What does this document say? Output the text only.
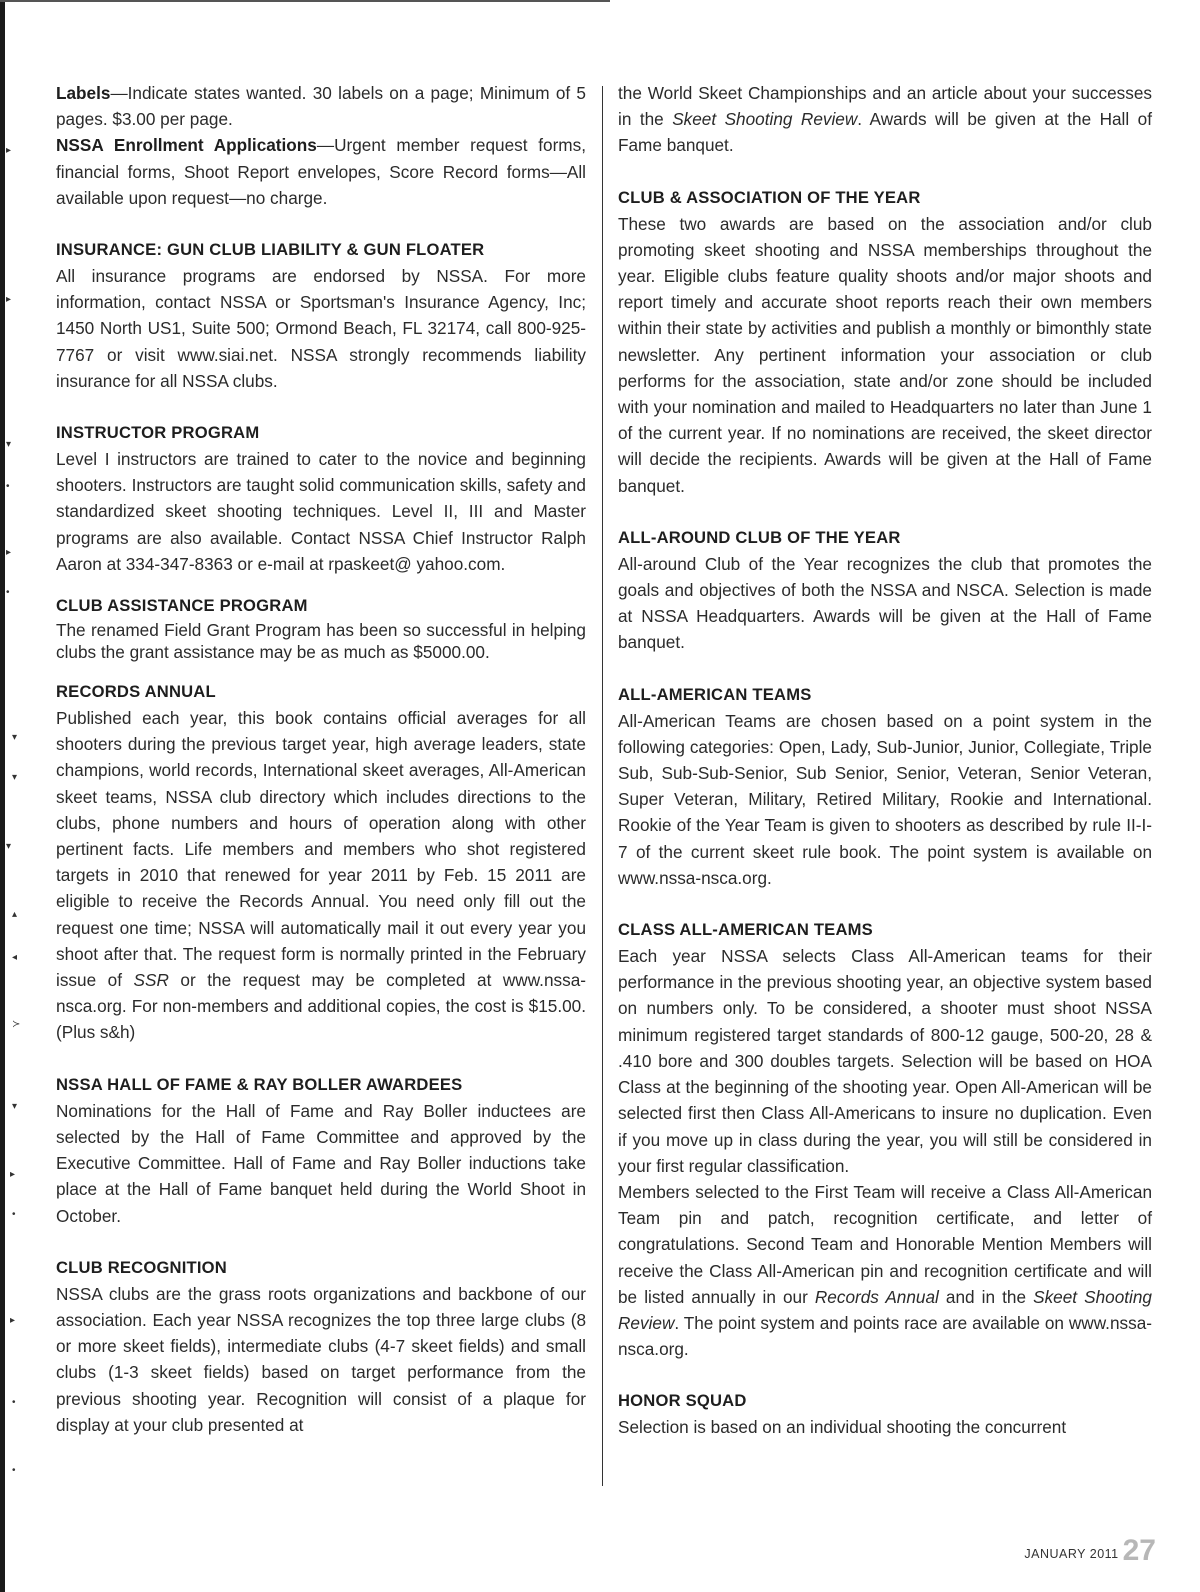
▸
▸
▾
•
▸
•
▾
▾
▾
▴
◂
≻
▾
▸
•
▸
•
•

Labels—Indicate states wanted. 30 labels on a page; Minimum of 5 pages. $3.00 per page.

NSSA Enrollment Applications—Urgent member request forms, financial forms, Shoot Report envelopes, Score Record forms—All available upon request—no charge.

INSURANCE: GUN CLUB LIABILITY & GUN FLOATER

All insurance programs are endorsed by NSSA. For more information, contact NSSA or Sportsman's Insurance Agency, Inc; 1450 North US1, Suite 500; Ormond Beach, FL 32174, call 800-925-7767 or visit www.siai.net. NSSA strongly recommends liability insurance for all NSSA clubs.

INSTRUCTOR PROGRAM

Level I instructors are trained to cater to the novice and beginning shooters. Instructors are taught solid communication skills, safety and standardized skeet shooting techniques. Level II, III and Master programs are also available. Contact NSSA Chief Instructor Ralph Aaron at 334-347-8363 or e-mail at rpaskeet@ yahoo.com.

CLUB ASSISTANCE PROGRAM

The renamed Field Grant Program has been so successful in helping clubs the grant assistance may be as much as $5000.00.

RECORDS ANNUAL

Published each year, this book contains official averages for all shooters during the previous target year, high average leaders, state champions, world records, International skeet averages, All-American skeet teams, NSSA club directory which includes directions to the clubs, phone numbers and hours of operation along with other pertinent facts. Life members and members who shot registered targets in 2010 that renewed for year 2011 by Feb. 15 2011 are eligible to receive the Records Annual. You need only fill out the request one time; NSSA will automatically mail it out every year you shoot after that. The request form is normally printed in the February issue of SSR or the request may be completed at www.nssa-nsca.org. For non-members and additional copies, the cost is $15.00. (Plus s&h)

NSSA HALL OF FAME & RAY BOLLER AWARDEES

Nominations for the Hall of Fame and Ray Boller inductees are selected by the Hall of Fame Committee and approved by the Executive Committee. Hall of Fame and Ray Boller inductions take place at the Hall of Fame banquet held during the World Shoot in October.

CLUB RECOGNITION

NSSA clubs are the grass roots organizations and backbone of our association. Each year NSSA recognizes the top three large clubs (8 or more skeet fields), intermediate clubs (4-7 skeet fields) and small clubs (1-3 skeet fields) based on target performance from the previous shooting year. Recognition will consist of a plaque for display at your club presented at

the World Skeet Championships and an article about your successes in the Skeet Shooting Review. Awards will be given at the Hall of Fame banquet.

CLUB & ASSOCIATION OF THE YEAR

These two awards are based on the association and/or club promoting skeet shooting and NSSA memberships throughout the year. Eligible clubs feature quality shoots and/or major shoots and report timely and accurate shoot reports reach their own members within their state by activities and publish a monthly or bimonthly state newsletter. Any pertinent information your association or club performs for the association, state and/or zone should be included with your nomination and mailed to Headquarters no later than June 1 of the current year. If no nominations are received, the skeet director will decide the recipients. Awards will be given at the Hall of Fame banquet.

ALL-AROUND CLUB OF THE YEAR

All-around Club of the Year recognizes the club that promotes the goals and objectives of both the NSSA and NSCA. Selection is made at NSSA Headquarters. Awards will be given at the Hall of Fame banquet.

ALL-AMERICAN TEAMS

All-American Teams are chosen based on a point system in the following categories: Open, Lady, Sub-Junior, Junior, Collegiate, Triple Sub, Sub-Sub-Senior, Sub Senior, Senior, Veteran, Senior Veteran, Super Veteran, Military, Retired Military, Rookie and International. Rookie of the Year Team is given to shooters as described by rule II-I-7 of the current skeet rule book. The point system is available on www.nssa-nsca.org.

CLASS ALL-AMERICAN TEAMS

Each year NSSA selects Class All-American teams for their performance in the previous shooting year, an objective system based on numbers only. To be considered, a shooter must shoot NSSA minimum registered target standards of 800-12 gauge, 500-20, 28 & .410 bore and 300 doubles targets. Selection will be based on HOA Class at the beginning of the shooting year. Open All-American will be selected first then Class All-Americans to insure no duplication. Even if you move up in class during the year, you will still be considered in your first regular classification.

Members selected to the First Team will receive a Class All-American Team pin and patch, recognition certificate, and letter of congratulations. Second Team and Honorable Mention Members will receive the Class All-American pin and recognition certificate and will be listed annually in our Records Annual and in the Skeet Shooting Review. The point system and points race are available on www.nssa-nsca.org.

HONOR SQUAD

Selection is based on an individual shooting the concurrent

JANUARY 2011 27
